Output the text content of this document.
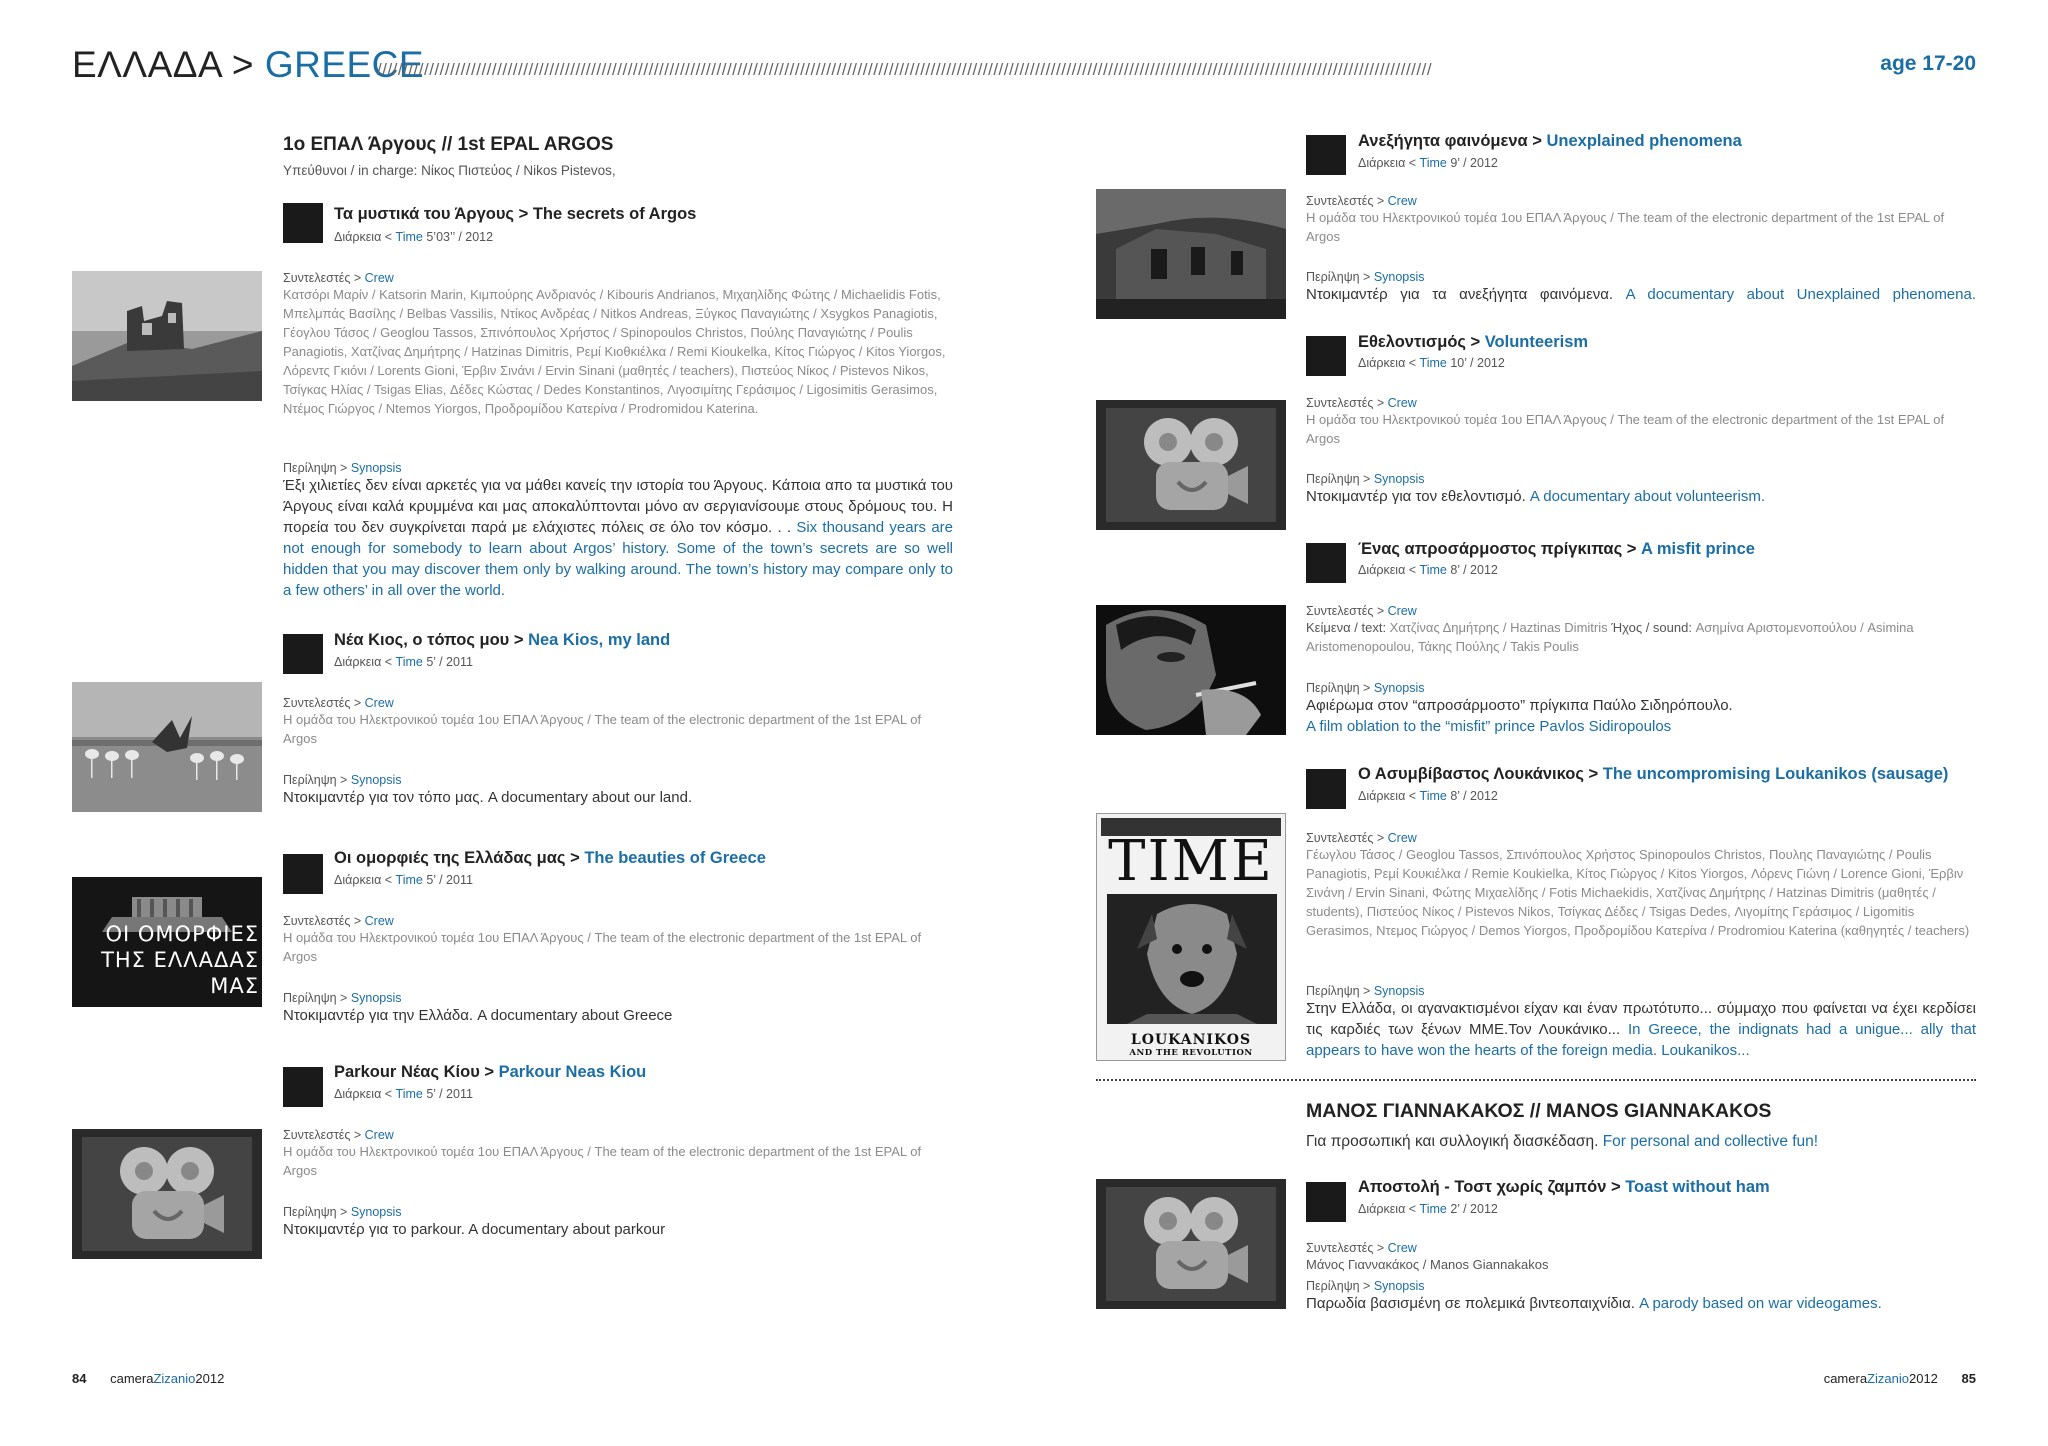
ΕΛΛΑΔΑ > GREECE
//////////////////////////////////////////////////////////////////////////////////////////////////////////////////////////////////////////////////////////////////////////////////////////////////////////	age 17-20
1ο ΕΠΑΛ Άργους // 1st EPAL ARGOS
Υπεύθυνοι / in charge: Νίκος Πιστεύος / Nikos Pistevos,
Τα μυστικά του Άργους > The secrets of Argos
Διάρκεια < Time 5’03’’ / 2012
Συντελεστές > Crew
Κατσόρι Μαρίν / Katsorin Marin, Κιμπούρης Ανδριανός / Kibouris Andrianos, Μιχαηλίδης Φώτης / Michaelidis Fotis, Μπελμπάς Βασίλης / Belbas Vassilis, Ντίκος Ανδρέας / Nitkos Andreas, Ξύγκος Παναγιώτης / Xsygkos Panagiotis, Γέογλου Τάσος / Geoglou Tassos, Σπινόπουλος Χρήστος / Spinopoulos Christos, Πούλης Παναγιώτης / Poulis Panagiotis, Χατζίνας Δημήτρης / Hatzinas Dimitris, Ρεμί Κιοθκιέλκα / Remi Kioukelka, Κίτος Γιώργος / Kitos Yiorgos, Λόρεντς Γκιόνι / Lorents Gioni, Έρβιν Σινάνι / Ervin Sinani (μαθητές / teachers), Πιστεύος Νίκος / Pistevos Nikos, Τσίγκας Ηλίας / Tsigas Elias, Δέδες Κώστας / Dedes Konstantinos, Λιγοσιμίτης Γεράσιμος / Ligosimitis Gerasimos, Ντέμος Γιώργος / Ntemos Yiorgos, Προδρομίδου Κατερίνα / Prodromidou Katerina.
Περίληψη > Synopsis
Έξι χιλιετίες δεν είναι αρκετές για να μάθει κανείς την ιστορία του Άργους. Κάποια απο τα μυστικά του Άργους είναι καλά κρυμμένα και μας αποκαλύπτονται μόνο αν σεργιανίσουμε στους δρόμους του. Η πορεία του δεν συγκρίνεται παρά με ελάχιστες πόλεις σε όλο τον κόσμο. . . Six thousand years are not enough for somebody to learn about Argos’ history. Some of the town’s secrets are so well hidden that you may discover them only by walking around. The town’s history may compare only to a few others’ in all over the world.
Νέα Κιος, ο τόπος μου > Nea Kios, my land
Διάρκεια < Time 5’ / 2011
Συντελεστές > Crew
Η ομάδα του Ηλεκτρονικού τομέα 1ου ΕΠΑΛ Άργους / The team of the electronic department of the 1st EPAL of Argos
Περίληψη > Synopsis
Ντοκιμαντέρ για τον τόπο μας. A documentary about our land.
Οι ομορφιές της Ελλάδας μας > The beauties of Greece
Διάρκεια < Time 5’ / 2011
ΟΙ ΟΜΟΡΦΙΕΣ
ΤΗΣ ΕΛΛΑΔΑΣ
ΜΑΣ
Συντελεστές > Crew
Η ομάδα του Ηλεκτρονικού τομέα 1ου ΕΠΑΛ Άργους / The team of the electronic department of the 1st EPAL of Argos
Περίληψη > Synopsis
Ντοκιμαντέρ για την Ελλάδα. A documentary about Greece
Parkour Νέας Κίου > Parkour Neas Kiou
Διάρκεια < Time 5’ / 2011
Συντελεστές > Crew
Η ομάδα του Ηλεκτρονικού τομέα 1ου ΕΠΑΛ Άργους / The team of the electronic department of the 1st EPAL of Argos
Περίληψη > Synopsis
Ντοκιμαντέρ για το parkour. A documentary about parkour
Ανεξήγητα φαινόμενα > Unexplained phenomena
Διάρκεια < Time 9’ / 2012
Συντελεστές > Crew
Η ομάδα του Ηλεκτρονικού τομέα 1ου ΕΠΑΛ Άργους / The team of the electronic department of the 1st EPAL of Argos
Περίληψη > Synopsis
Ντοκιμαντέρ για τα ανεξήγητα φαινόμενα. A documentary about Unexplained phenomena.
Εθελοντισμός > Volunteerism
Διάρκεια < Time 10’ / 2012
Συντελεστές > Crew
Η ομάδα του Ηλεκτρονικού τομέα 1ου ΕΠΑΛ Άργους / The team of the electronic department of the 1st EPAL of Argos
Περίληψη > Synopsis
Ντοκιμαντέρ για τον εθελοντισμό. A documentary about volunteerism.
Ένας απροσάρμοστος πρίγκιπας > A misfit prince
Διάρκεια < Time 8’ / 2012
Συντελεστές > Crew
Κείμενα / text: Χατζίνας Δημήτρης / Haztinas Dimitris Ήχος / sound: Ασημίνα Αριστομενοπούλου / Asimina Aristomenopoulou, Τάκης Πούλης / Takis Poulis
Περίληψη > Synopsis
Αφιέρωμα στον “απροσάρμοστο” πρίγκιπα Παύλο Σιδηρόπουλο.
A film oblation to the “misfit” prince Pavlos Sidiropoulos
Ο Ασυμβίβαστος Λουκάνικος > The uncompromising Loukanikos (sausage)
Διάρκεια < Time 8’ / 2012
TIME
LOUKANIKOS
AND THE REVOLUTION
Συντελεστές > Crew
Γέωγλου Τάσος / Geoglou Tassos, Σπινόπουλος Χρήστος Spinopoulos Christos, Πουλης Παναγιώτης / Poulis Panagiotis, Ρεμί Κουκιέλκα / Remie Koukielka, Κίτος Γιώργος / Kitos Yiorgos, Λόρενς Γιώνη / Lorence Gioni, Έρβιν Σινάνη / Ervin Sinani, Φώτης Μιχαελίδης / Fotis Michaekidis, Χατζίνας Δημήτρης / Hatzinas Dimitris (μαθητές / students), Πιστεύος Νίκος / Pistevos Nikos, Τσίγκας Δέδες / Tsigas Dedes, Λιγομίτης Γεράσιμος / Ligomitis Gerasimos, Ντεμος Γιώργος / Demos Yiorgos, Προδρομίδου Κατερίνα / Prodromiou Katerina (καθηγητές / teachers)
Περίληψη > Synopsis
Στην Ελλάδα, οι αγανακτισμένοι είχαν και έναν πρωτότυπο... σύμμαχο που φαίνεται να έχει κερδίσει τις καρδιές των ξένων ΜΜΕ.Τον Λουκάνικο... In Greece, the indignats had a unigue... ally that appears to have won the hearts of the foreign media. Loukanikos...
ΜΑΝΟΣ ΓΙΑΝΝΑΚΑΚΟΣ // MANOS GIANNAKAKOS
Για προσωπική και συλλογική διασκέδαση. For personal and collective fun!
Αποστολή - Τοστ χωρίς ζαμπόν > Toast without ham
Διάρκεια < Time 2’ / 2012
Συντελεστές > Crew
Μάνος Γιαννακάκος / Manos Giannakakos
Περίληψη > Synopsis
Παρωδία βασισμένη σε πολεμικά βιντεοπαιχνίδια. A parody based on war videogames.
84 cameraZizanio2012	cameraZizanio2012 85
